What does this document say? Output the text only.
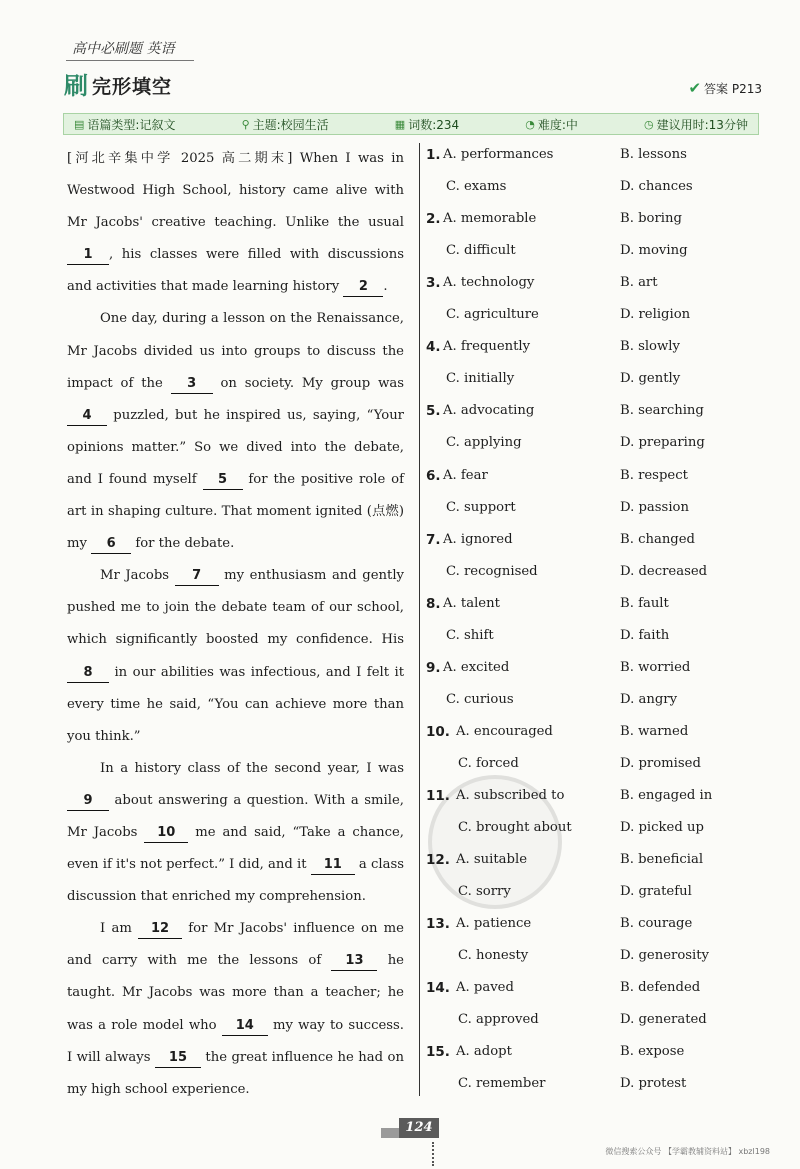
高中必刷题 英语
刷 完形填空	✔ 答案 P213
▤ 语篇类型:记叙文	⚲ 主题:校园生活	▦ 词数:234	◔ 难度:中	◷ 建议用时:13分钟

[河北辛集中学 2025 高二期末] When I was in Westwood High School, history came alive with Mr Jacobs' creative teaching. Unlike the usual 1 , his classes were filled with discussions and activities that made learning history 2 .

One day, during a lesson on the Renaissance, Mr Jacobs divided us into groups to discuss the impact of the 3 on society. My group was 4 puzzled, but he inspired us, saying, “Your opinions matter.” So we dived into the debate, and I found myself 5 for the positive role of art in shaping culture. That moment ignited (点燃) my 6 for the debate.

Mr Jacobs 7 my enthusiasm and gently pushed me to join the debate team of our school, which significantly boosted my confidence. His 8 in our abilities was infectious, and I felt it every time he said, “You can achieve more than you think.”

In a history class of the second year, I was 9 about answering a question. With a smile, Mr Jacobs 10 me and said, “Take a chance, even if it's not perfect.” I did, and it 11 a class discussion that enriched my comprehension.

I am 12 for Mr Jacobs' influence on me and carry with me the lessons of 13 he taught. Mr Jacobs was more than a teacher; he was a role model who 14 my way to success. I will always 15 the great influence he had on my high school experience.

1. A. performances	B. lessons
C. exams	D. chances
2. A. memorable	B. boring
C. difficult	D. moving
3. A. technology	B. art
C. agriculture	D. religion
4. A. frequently	B. slowly
C. initially	D. gently
5. A. advocating	B. searching
C. applying	D. preparing
6. A. fear	B. respect
C. support	D. passion
7. A. ignored	B. changed
C. recognised	D. decreased
8. A. talent	B. fault
C. shift	D. faith
9. A. excited	B. worried
C. curious	D. angry
10. A. encouraged	B. warned
C. forced	D. promised
11. A. subscribed to	B. engaged in
C. brought about	D. picked up
12. A. suitable	B. beneficial
C. sorry	D. grateful
13. A. patience	B. courage
C. honesty	D. generosity
14. A. paved	B. defended
C. approved	D. generated
15. A. adopt	B. expose
C. remember	D. protest
124
微信搜索公众号 【学霸教辅资料站】 xbzl198
